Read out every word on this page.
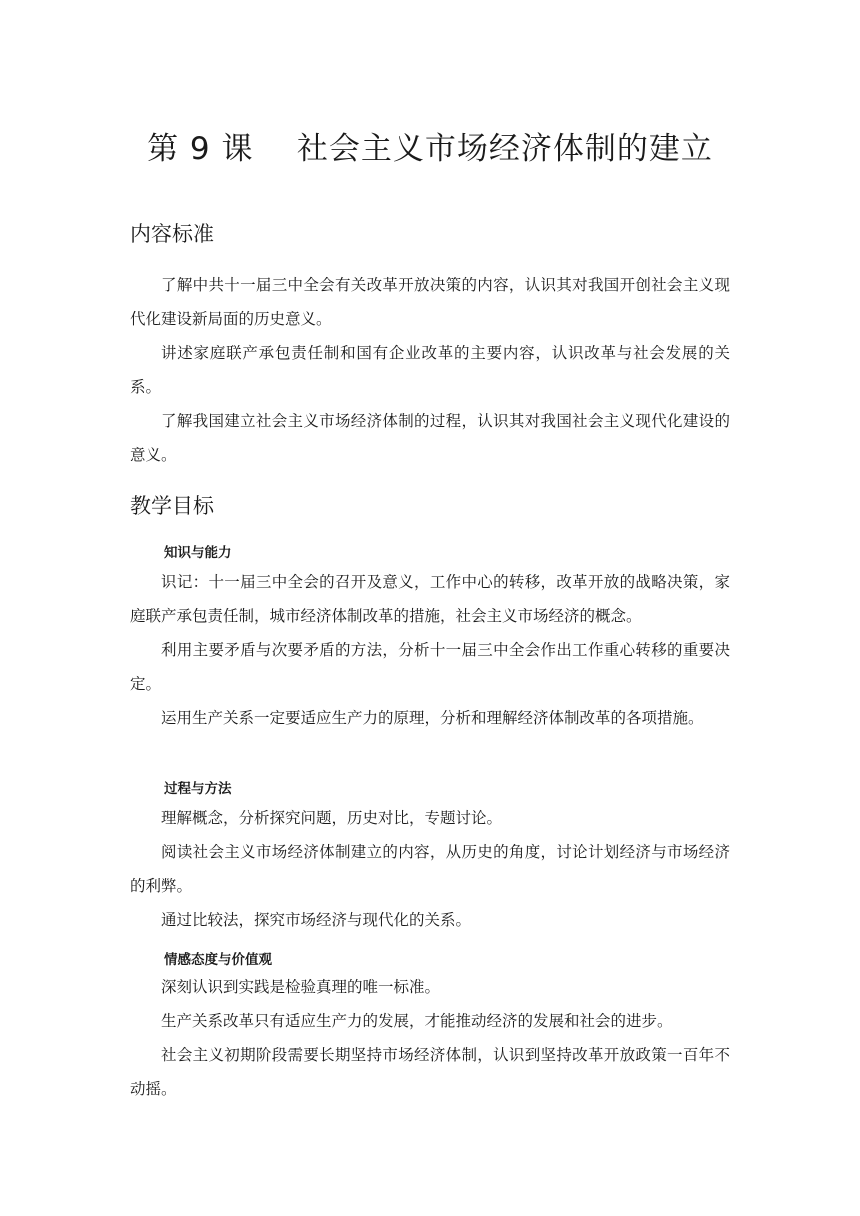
第 9 课    社会主义市场经济体制的建立
内容标准

了解中共十一届三中全会有关改革开放决策的内容，认识其对我国开创社会主义现代化建设新局面的历史意义。

讲述家庭联产承包责任制和国有企业改革的主要内容，认识改革与社会发展的关系。

了解我国建立社会主义市场经济体制的过程，认识其对我国社会主义现代化建设的意义。

教学目标
知识与能力

识记：十一届三中全会的召开及意义，工作中心的转移，改革开放的战略决策，家庭联产承包责任制，城市经济体制改革的措施，社会主义市场经济的概念。

利用主要矛盾与次要矛盾的方法，分析十一届三中全会作出工作重心转移的重要决定。

运用生产关系一定要适应生产力的原理，分析和理解经济体制改革的各项措施。

过程与方法

理解概念，分析探究问题，历史对比，专题讨论。

阅读社会主义市场经济体制建立的内容，从历史的角度，讨论计划经济与市场经济的利弊。

通过比较法，探究市场经济与现代化的关系。

情感态度与价值观

深刻认识到实践是检验真理的唯一标准。

生产关系改革只有适应生产力的发展，才能推动经济的发展和社会的进步。

社会主义初期阶段需要长期坚持市场经济体制，认识到坚持改革开放政策一百年不动摇。
